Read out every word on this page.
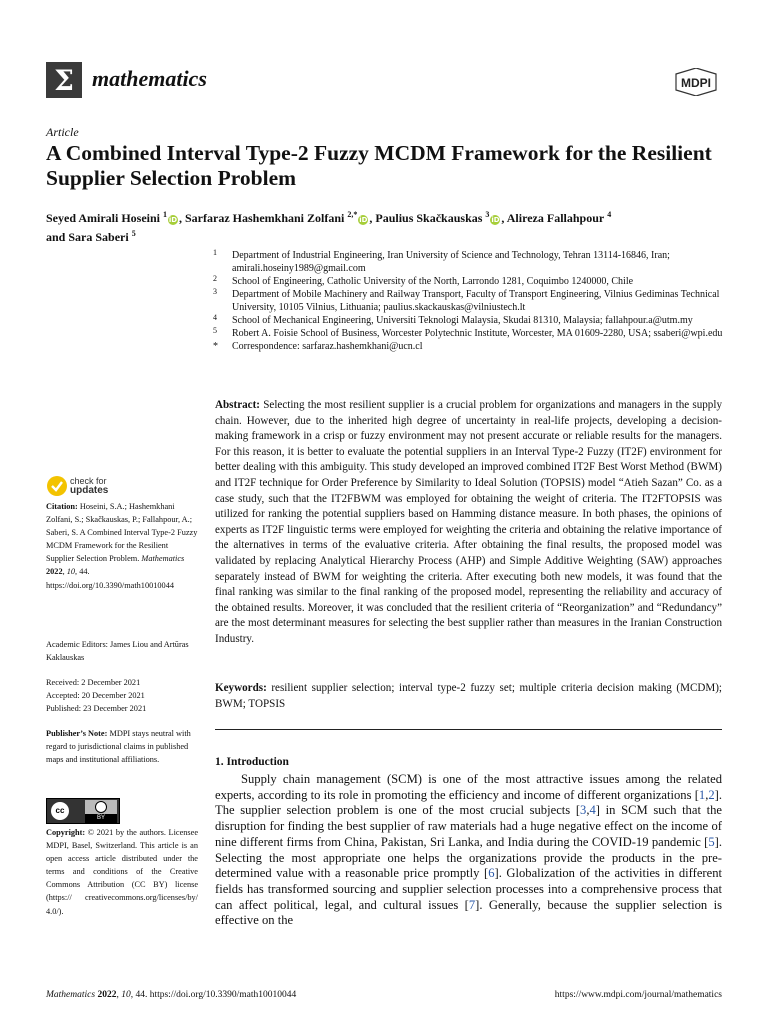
Σ mathematics	MDPI
Article
A Combined Interval Type-2 Fuzzy MCDM Framework for the Resilient Supplier Selection Problem
Seyed Amirali Hoseini $^1$iD , Sarfaraz Hashemkhani Zolfani $^{2,*}$iD , Paulius Skačkauskas $^3$iD , Alireza Fallahpour $^4$
and Sara Saberi $^5$
1 Department of Industrial Engineering, Iran University of Science and Technology, Tehran 13114-16846, Iran; amirali.hoseiny1989@gmail.com
2 School of Engineering, Catholic University of the North, Larrondo 1281, Coquimbo 1240000, Chile
3 Department of Mobile Machinery and Railway Transport, Faculty of Transport Engineering, Vilnius Gediminas Technical University, 10105 Vilnius, Lithuania; paulius.skackauskas@vilniustech.lt
4 School of Mechanical Engineering, Universiti Teknologi Malaysia, Skudai 81310, Malaysia; fallahpour.a@utm.my
5 Robert A. Foisie School of Business, Worcester Polytechnic Institute, Worcester, MA 01609-2280, USA; ssaberi@wpi.edu
* Correspondence: sarfaraz.hashemkhani@ucn.cl
Abstract: Selecting the most resilient supplier is a crucial problem for organizations and managers in the supply chain. However, due to the inherited high degree of uncertainty in real-life projects, developing a decision-making framework in a crisp or fuzzy environment may not present accurate or reliable results for the managers. For this reason, it is better to evaluate the potential suppliers in an Interval Type-2 Fuzzy (IT2F) environment for better dealing with this ambiguity. This study developed an improved combined IT2F Best Worst Method (BWM) and IT2F technique for Order Preference by Similarity to Ideal Solution (TOPSIS) model “Atieh Sazan” Co. as a case study, such that the IT2FBWM was employed for obtaining the weight of criteria. The IT2FTOPSIS was utilized for ranking the potential suppliers based on Hamming distance measure. In both phases, the opinions of experts as IT2F linguistic terms were employed for weighting the criteria and obtaining the relative importance of the alternatives in terms of the evaluative criteria. After obtaining the final results, the proposed model was validated by replacing Analytical Hierarchy Process (AHP) and Simple Additive Weighting (SAW) approaches separately instead of BWM for weighting the criteria. After executing both new models, it was found that the final ranking was similar to the final ranking of the proposed model, representing the reliability and accuracy of the obtained results. Moreover, it was concluded that the resilient criteria of “Reorganization” and “Redundancy” are the most determinant measures for selecting the best supplier rather than measures in the Iranian Construction Industry.
Keywords: resilient supplier selection; interval type-2 fuzzy set; multiple criteria decision making (MCDM); BWM; TOPSIS
1. Introduction

Supply chain management (SCM) is one of the most attractive issues among the related experts, according to its role in promoting the efficiency and income of different organizations [1,2]. The supplier selection problem is one of the most crucial subjects [3,4] in SCM such that the disruption for finding the best supplier of raw materials had a huge negative effect on the income of nine different firms from China, Pakistan, Sri Lanka, and India during the COVID-19 pandemic [5]. Selecting the most appropriate one helps the organizations provide the products in the pre-determined value with a reasonable price promptly [6]. Globalization of the activities in different fields has transformed sourcing and supplier selection processes into a comprehensive process that can affect political, legal, and cultural issues [7]. Generally, because the supplier selection is effective on the

check for
updates
Citation: Hoseini, S.A.; Hashemkhani Zolfani, S.; Skačkauskas, P.; Fallahpour, A.; Saberi, S. A Combined Interval Type-2 Fuzzy MCDM Framework for the Resilient Supplier Selection Problem. Mathematics 2022, 10, 44. https://doi.org/10.3390/math10010044
Academic Editors: James Liou and Artūras Kaklauskas
Received: 2 December 2021
Accepted: 20 December 2021
Published: 23 December 2021
Publisher’s Note: MDPI stays neutral with regard to jurisdictional claims in published maps and institutional affiliations.
cc
BY
Copyright: © 2021 by the authors. Licensee MDPI, Basel, Switzerland. This article is an open access article distributed under the terms and conditions of the Creative Commons Attribution (CC BY) license (https:// creativecommons.org/licenses/by/ 4.0/).
Mathematics 2022, 10, 44. https://doi.org/10.3390/math10010044	https://www.mdpi.com/journal/mathematics
